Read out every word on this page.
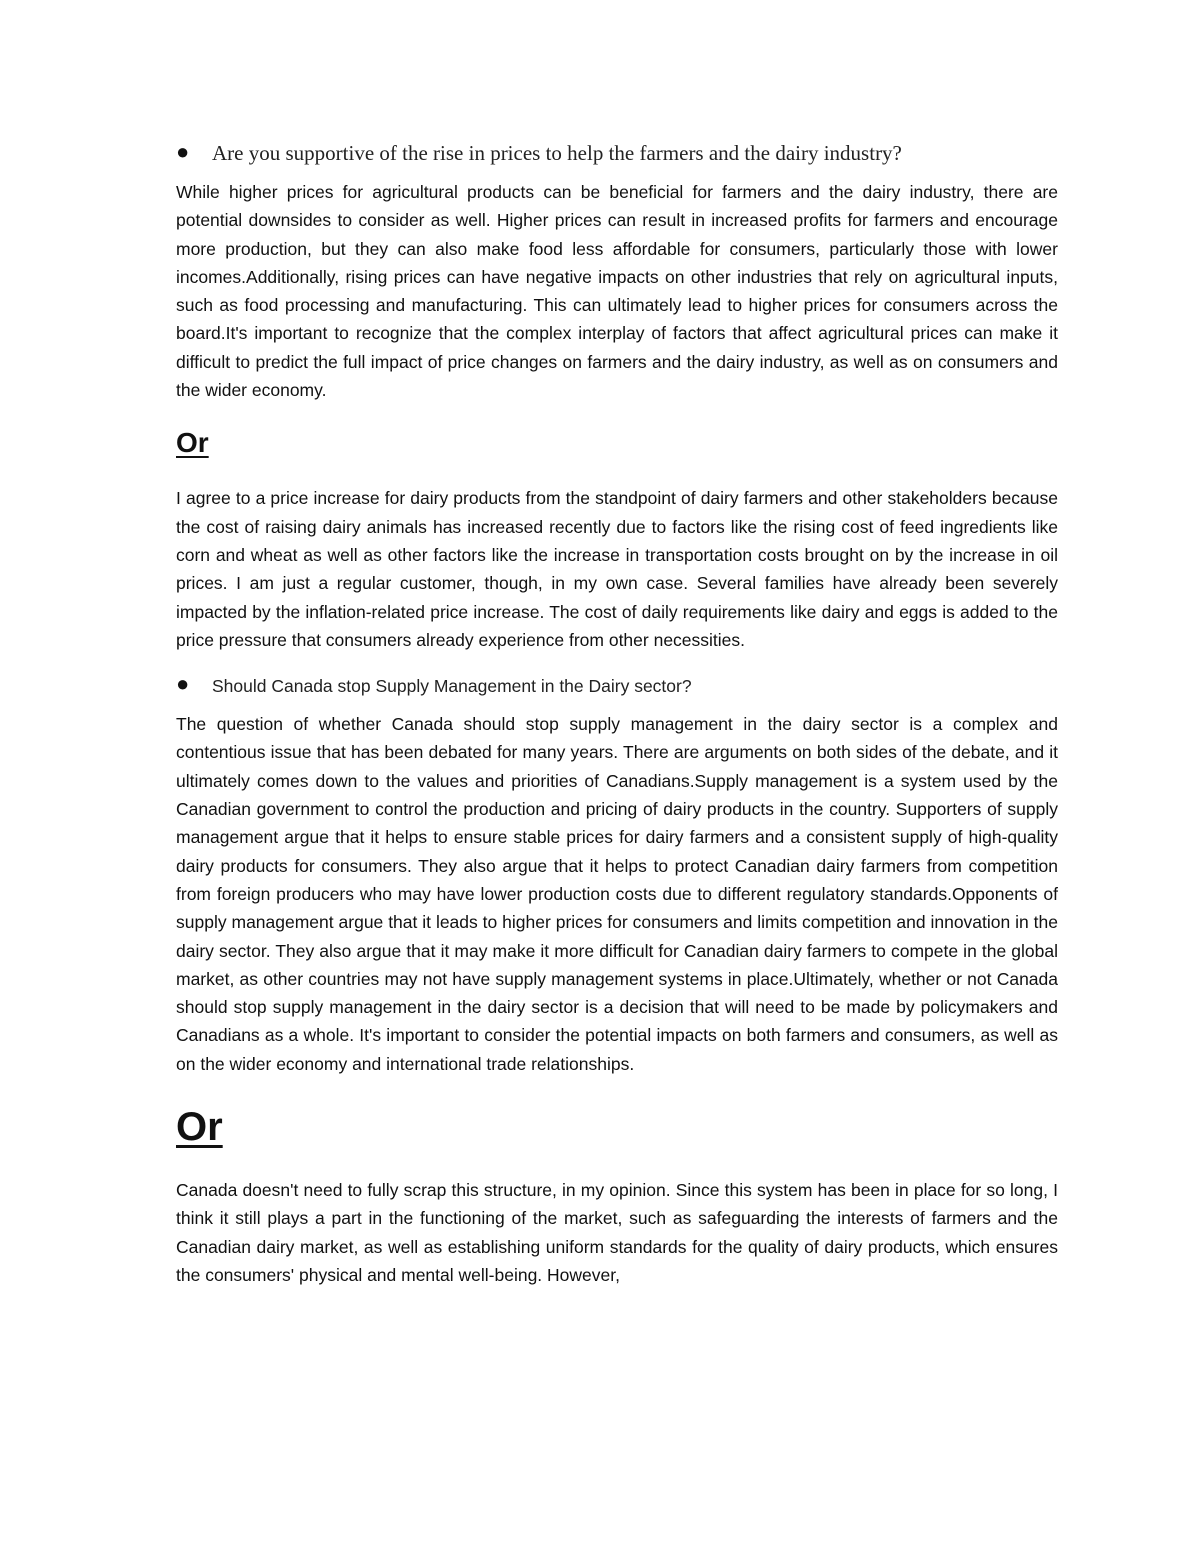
●	Are you supportive of the rise in prices to help the farmers and the dairy industry?

While higher prices for agricultural products can be beneficial for farmers and the dairy industry, there are potential downsides to consider as well. Higher prices can result in increased profits for farmers and encourage more production, but they can also make food less affordable for consumers, particularly those with lower incomes.Additionally, rising prices can have negative impacts on other industries that rely on agricultural inputs, such as food processing and manufacturing. This can ultimately lead to higher prices for consumers across the board.It's important to recognize that the complex interplay of factors that affect agricultural prices can make it difficult to predict the full impact of price changes on farmers and the dairy industry, as well as on consumers and the wider economy.

Or

I agree to a price increase for dairy products from the standpoint of dairy farmers and other stakeholders because the cost of raising dairy animals has increased recently due to factors like the rising cost of feed ingredients like corn and wheat as well as other factors like the increase in transportation costs brought on by the increase in oil prices. I am just a regular customer, though, in my own case. Several families have already been severely impacted by the inflation-related price increase. The cost of daily requirements like dairy and eggs is added to the price pressure that consumers already experience from other necessities.

●	Should Canada stop Supply Management in the Dairy sector?

The question of whether Canada should stop supply management in the dairy sector is a complex and contentious issue that has been debated for many years. There are arguments on both sides of the debate, and it ultimately comes down to the values and priorities of Canadians.Supply management is a system used by the Canadian government to control the production and pricing of dairy products in the country. Supporters of supply management argue that it helps to ensure stable prices for dairy farmers and a consistent supply of high-quality dairy products for consumers. They also argue that it helps to protect Canadian dairy farmers from competition from foreign producers who may have lower production costs due to different regulatory standards.Opponents of supply management argue that it leads to higher prices for consumers and limits competition and innovation in the dairy sector. They also argue that it may make it more difficult for Canadian dairy farmers to compete in the global market, as other countries may not have supply management systems in place.Ultimately, whether or not Canada should stop supply management in the dairy sector is a decision that will need to be made by policymakers and Canadians as a whole. It's important to consider the potential impacts on both farmers and consumers, as well as on the wider economy and international trade relationships.

Or

Canada doesn't need to fully scrap this structure, in my opinion. Since this system has been in place for so long, I think it still plays a part in the functioning of the market, such as safeguarding the interests of farmers and the Canadian dairy market, as well as establishing uniform standards for the quality of dairy products, which ensures the consumers' physical and mental well-being. However,
